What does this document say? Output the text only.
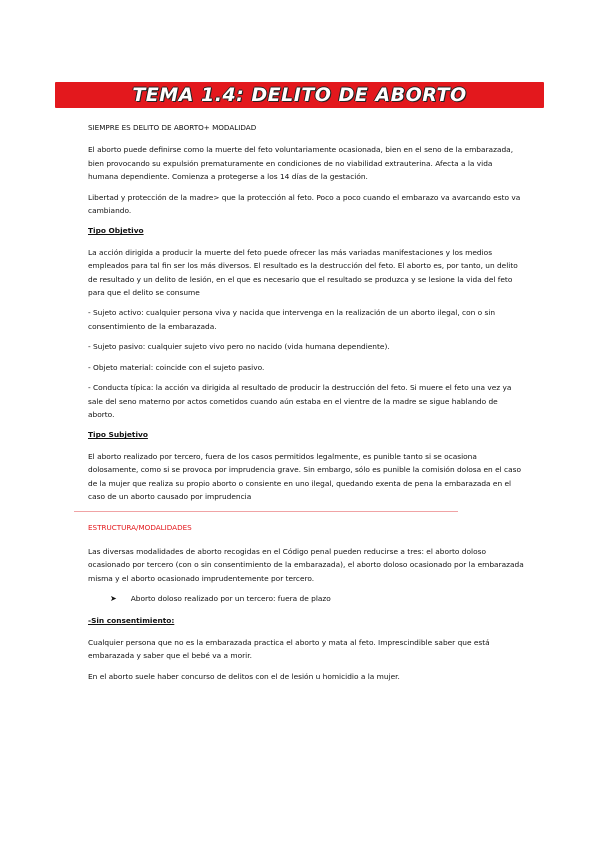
TEMA 1.4: DELITO DE ABORTO

SIEMPRE ES DELITO DE ABORTO+ MODALIDAD

El aborto puede definirse como la muerte del feto voluntariamente ocasionada, bien en el seno de la embarazada, bien provocando su expulsión prematuramente en condiciones de no viabilidad extrauterina. Afecta a la vida humana dependiente. Comienza a protegerse a los 14 días de la gestación.

Libertad y protección de la madre> que la protección al feto. Poco a poco cuando el embarazo va avarcando esto va cambiando.

Tipo Objetivo

La acción dirigida a producir la muerte del feto puede ofrecer las más variadas manifestaciones y los medios empleados para tal fin ser los más diversos. El resultado es la destrucción del feto. El aborto es, por tanto, un delito de resultado y un delito de lesión, en el que es necesario que el resultado se produzca y se lesione la vida del feto para que el delito se consume

- Sujeto activo: cualquier persona viva y nacida que intervenga en la realización de un aborto ilegal, con o sin consentimiento de la embarazada.

- Sujeto pasivo: cualquier sujeto vivo pero no nacido (vida humana dependiente).

- Objeto material: coincide con el sujeto pasivo.

- Conducta típica: la acción va dirigida al resultado de producir la destrucción del feto. Si muere el feto una vez ya sale del seno materno por actos cometidos cuando aún estaba en el vientre de la madre se sigue hablando de aborto.

Tipo Subjetivo

El aborto realizado por tercero, fuera de los casos permitidos legalmente, es punible tanto si se ocasiona dolosamente, como si se provoca por imprudencia grave. Sin embargo, sólo es punible la comisión dolosa en el caso de la mujer que realiza su propio aborto o consiente en uno ilegal, quedando exenta de pena la embarazada en el caso de un aborto causado por imprudencia

ESTRUCTURA/MODALIDADES

Las diversas modalidades de aborto recogidas en el Código penal pueden reducirse a tres: el aborto doloso ocasionado por tercero (con o sin consentimiento de la embarazada), el aborto doloso ocasionado por la embarazada misma y el aborto ocasionado imprudentemente por tercero.

➤ Aborto doloso realizado por un tercero: fuera de plazo

-Sin consentimiento:

Cualquier persona que no es la embarazada practica el aborto y mata al feto. Imprescindible saber que está embarazada y saber que el bebé va a morir.

En el aborto suele haber concurso de delitos con el de lesión u homicidio a la mujer.
